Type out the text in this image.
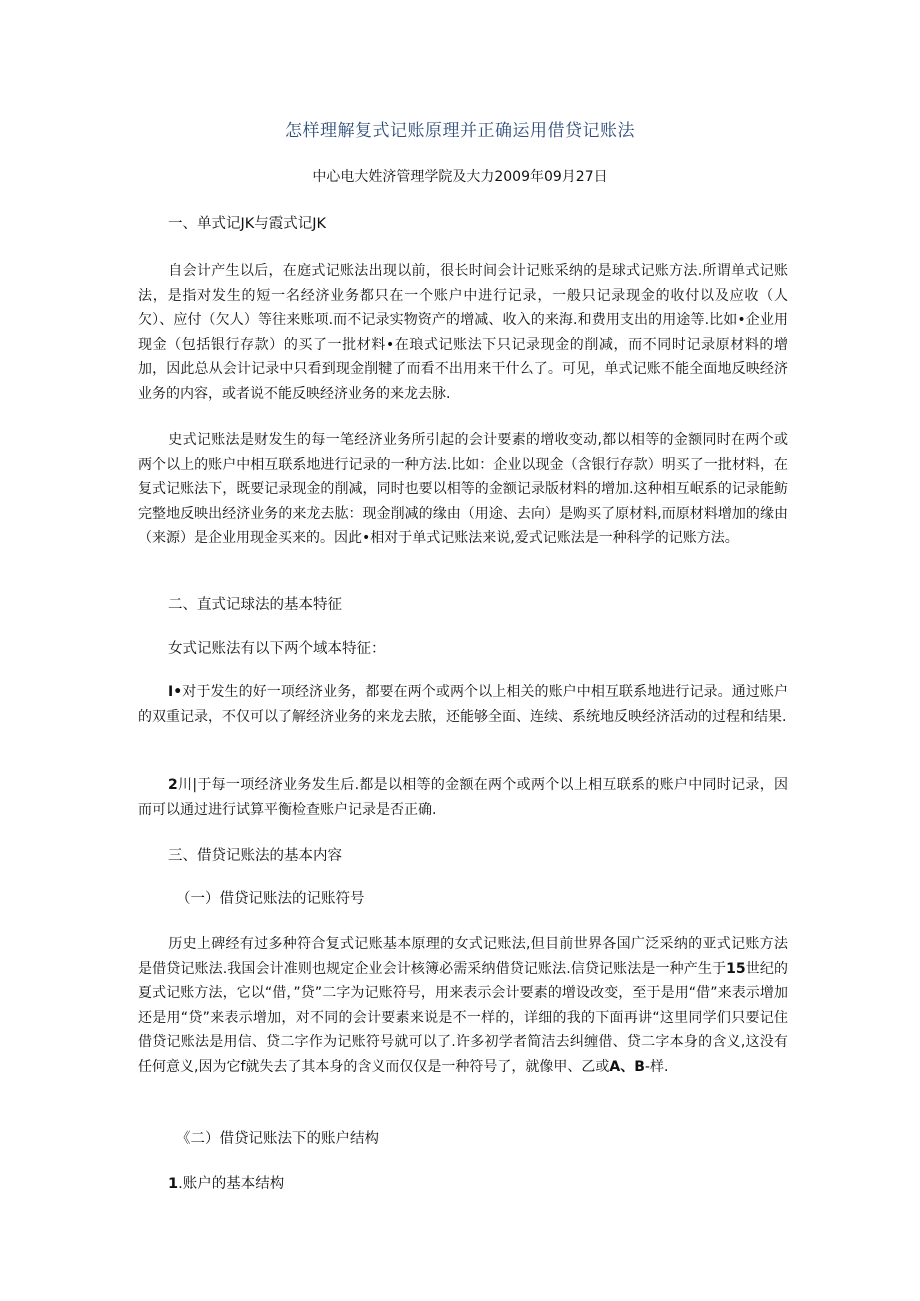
怎样理解复式记账原理并正确运用借贷记账法
中心电大姓济管理学院及大力2009年09月27日
一、单式记JK与霞式记JK
自会计产生以后，在庭式记账法出现以前，很长时间会计记账采纳的是球式记账方法.所谓单式记账法，是指对发生的短一名经济业务都只在一个账户中进行记录，一般只记录现金的收付以及应收（人欠）、应付（欠人）等往来账项.而不记录实物资产的增减、收入的来海.和费用支出的用途等.比如•企业用现金（包括银行存款）的买了一批材料•在琅式记账法下只记录现金的削减，而不同时记录原材料的增加，因此总从会计记录中只看到现金削犍了而看不出用来干什么了。可见，单式记账不能全面地反映经济业务的内容，或者说不能反映经济业务的来龙去脉.
史式记账法是财发生的每一笔经济业务所引起的会计要素的增收变动,都以相等的金额同时在两个或两个以上的账户中相互联系地进行记录的一种方法.比如：企业以现金（含银行存款）明买了一批材料，在复式记账法下，既要记录现金的削减，同时也要以相等的金额记录版材料的增加.这种相互岷系的记录能鲂完整地反映出经济业务的来龙去肱：现金削减的缘由（用途、去向）是购买了原材料,而原材料增加的缘由（来源）是企业用现金买来的。因此•相对于单式记账法来说,爱式记账法是一种科学的记账方法。
二、直式记球法的基本特征
女式记账法有以下两个域本特征：
I•对于发生的好一项经济业务，都要在两个或两个以上相关的账户中相互联系地进行记录。通过账户的双重记录，不仅可以了解经济业务的来龙去脓，还能够全面、连续、系统地反映经济活动的过程和结果.
2川|于每一项经济业务发生后.都是以相等的金额在两个或两个以上相互联系的账户中同时记录，因而可以通过进行试算平衡检查账户记录是否正确.
三、借贷记账法的基本内容
（一）借贷记账法的记账符号
历史上碑经有过多种符合复式记账基本原理的女式记账法,但目前世界各国广泛采纳的亚式记账方法是借贷记账法.我国会计准则也规定企业会计核簿必需采纳借贷记账法.信贷记账法是一种产生于15世纪的夏式记账方法，它以“借，”贷”二字为记账符号，用来表示会计要素的增设改变，至于是用“借”来表示增加还是用“贷”来表示增加，对不同的会计要素来说是不一样的，详细的我的下面再讲“这里同学们只要记住借贷记账法是用信、贷二字作为记账符号就可以了.许多初学者简洁去纠缠借、贷二字本身的含义,这没有任何意义,因为它f就失去了其本身的含义而仅仅是一种符号了，就像甲、乙或A、B-样.
《二）借贷记账法下的账户结构
1.账户的基本结构
